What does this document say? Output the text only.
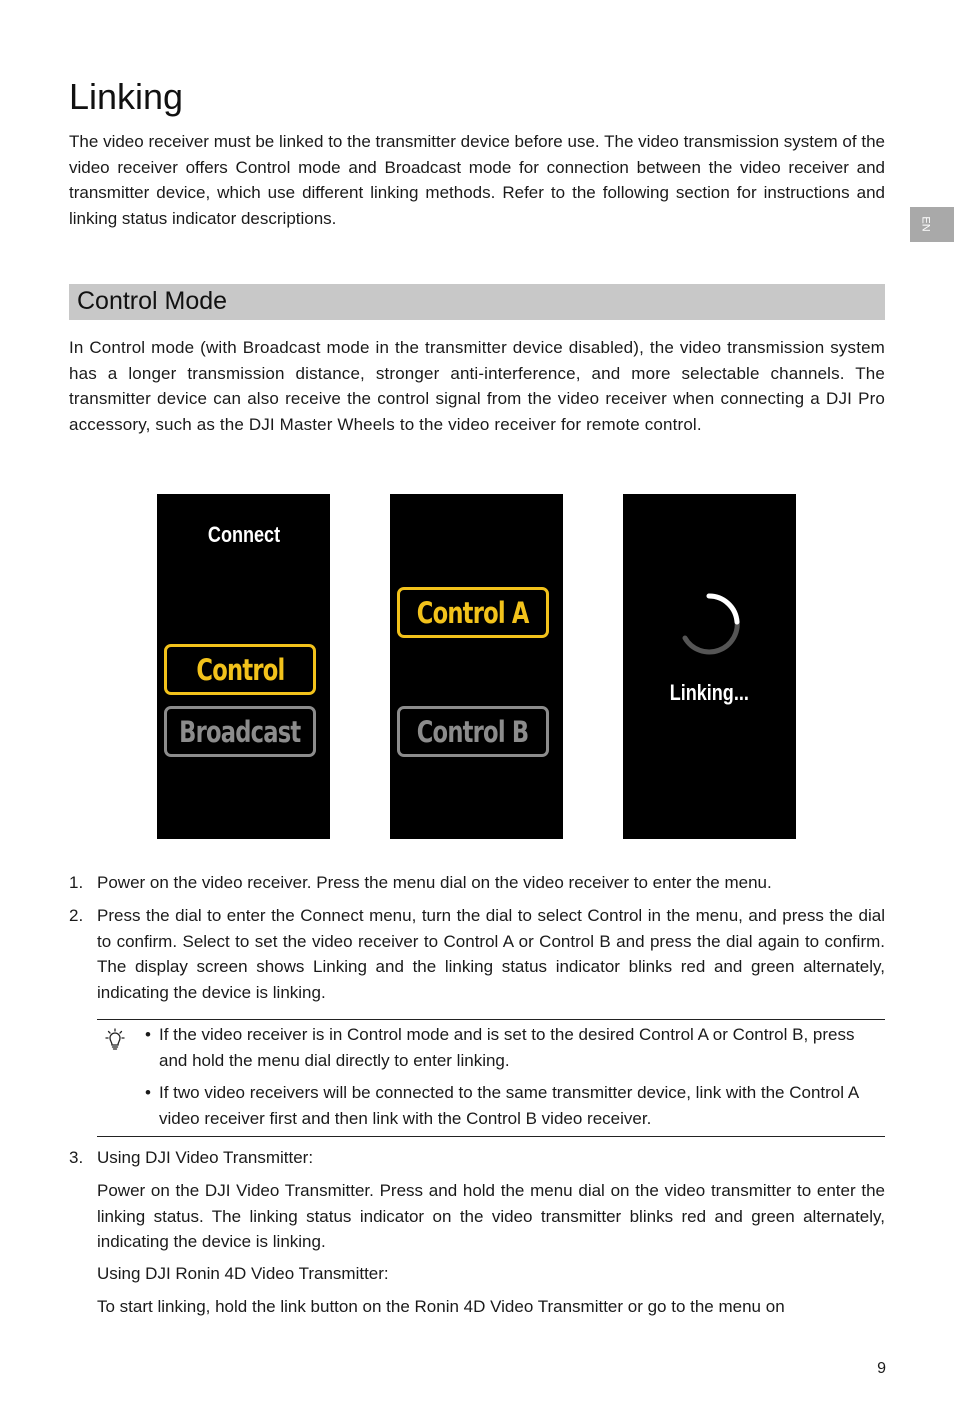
Linking

The video receiver must be linked to the transmitter device before use. The video transmission system of the video receiver offers Control mode and Broadcast mode for connection between the video receiver and transmitter device, which use different linking methods. Refer to the following section for instructions and linking status indicator descriptions.	EN
Control Mode

In Control mode (with Broadcast mode in the transmitter device disabled), the video transmission system has a longer transmission distance, stronger anti-interference, and more selectable channels. The transmitter device can also receive the control signal from the video receiver when connecting a DJI Pro accessory, such as the DJI Master Wheels to the video receiver for remote control.

Connect
Control
Broadcast
Control A
Control B
Linking...
1. Power on the video receiver. Press the menu dial on the video receiver to enter the menu.
2. Press the dial to enter the Connect menu, turn the dial to select Control in the menu, and press the dial to confirm. Select to set the video receiver to Control A or Control B and press the dial again to confirm. The display screen shows Linking and the linking status indicator blinks red and green alternately, indicating the device is linking.
• If the video receiver is in Control mode and is set to the desired Control A or Control B, press and hold the menu dial directly to enter linking.
• If two video receivers will be connected to the same transmitter device, link with the Control A video receiver first and then link with the Control B video receiver.
3. Using DJI Video Transmitter:

Power on the DJI Video Transmitter. Press and hold the menu dial on the video transmitter to enter the linking status. The linking status indicator on the video transmitter blinks red and green alternately, indicating the device is linking.

Using DJI Ronin 4D Video Transmitter:

To start linking, hold the link button on the Ronin 4D Video Transmitter or go to the menu on

9
